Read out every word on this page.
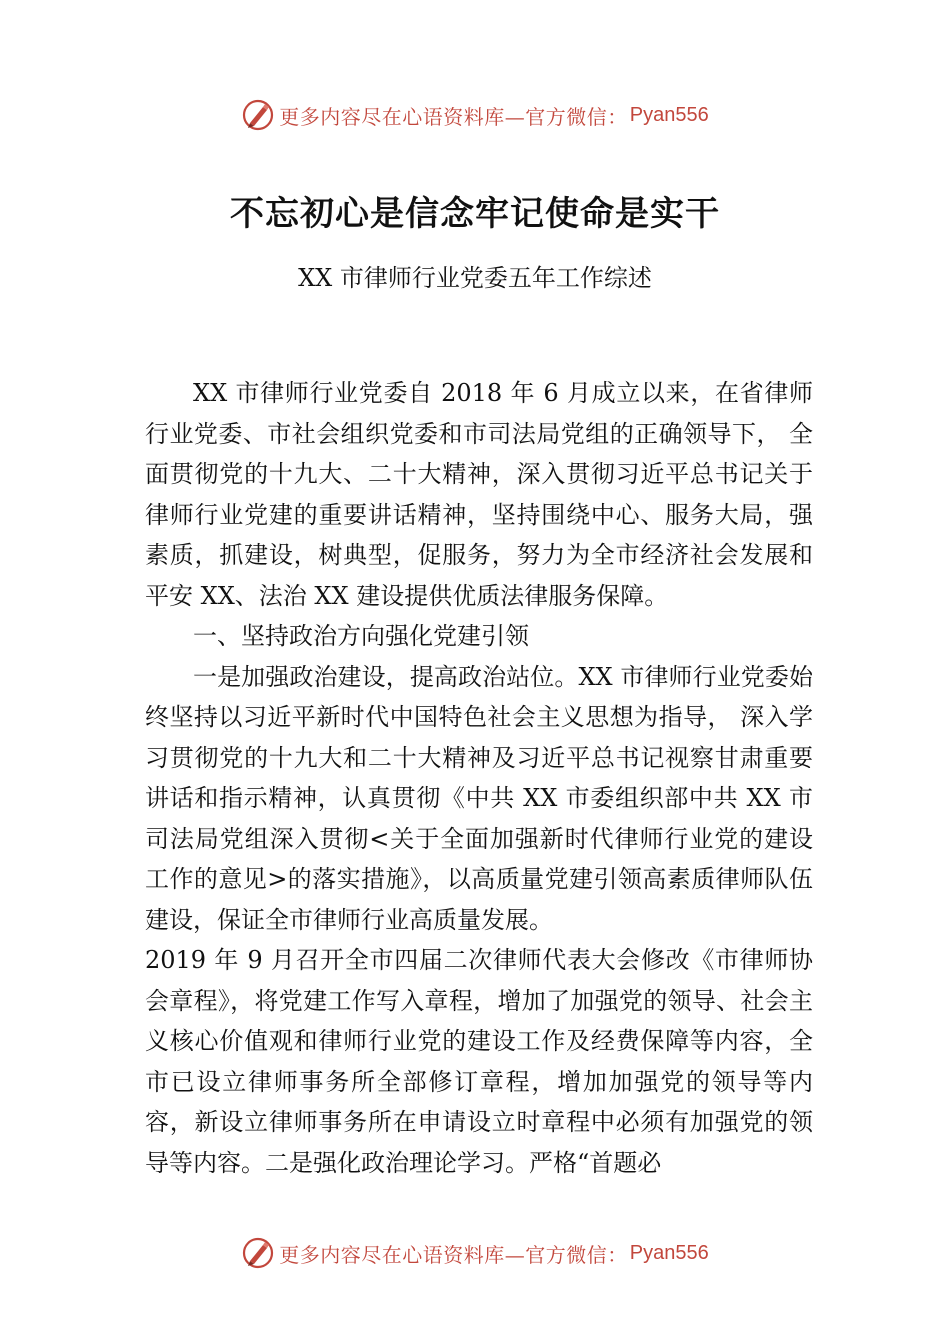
更多内容尽在心语资料库—官方微信： Pyan556
不忘初心是信念牢记使命是实干
XX 市律师行业党委五年工作综述

XX 市律师行业党委自 2018 年 6 月成立以来，在省律师行业党委、市社会组织党委和市司法局党组的正确领导下， 全面贯彻党的十九大、二十大精神，深入贯彻习近平总书记关于律师行业党建的重要讲话精神，坚持围绕中心、服务大局，强素质，抓建设，树典型，促服务，努力为全市经济社会发展和平安 XX、法治 XX 建设提供优质法律服务保障。

一、坚持政治方向强化党建引领

一是加强政治建设，提高政治站位。XX 市律师行业党委始终坚持以习近平新时代中国特色社会主义思想为指导， 深入学习贯彻党的十九大和二十大精神及习近平总书记视察甘肃重要讲话和指示精神，认真贯彻《中共 XX 市委组织部中共 XX 市司法局党组深入贯彻<关于全面加强新时代律师行业党的建设工作的意见>的落实措施》，以高质量党建引领高素质律师队伍建设，保证全市律师行业高质量发展。

2019 年 9 月召开全市四届二次律师代表大会修改《市律师协会章程》，将党建工作写入章程，增加了加强党的领导、社会主义核心价值观和律师行业党的建设工作及经费保障等内容，全市已设立律师事务所全部修订章程，增加加强党的领导等内容，新设立律师事务所在申请设立时章程中必须有加强党的领导等内容。二是强化政治理论学习。严格“首题必

更多内容尽在心语资料库—官方微信： Pyan556
